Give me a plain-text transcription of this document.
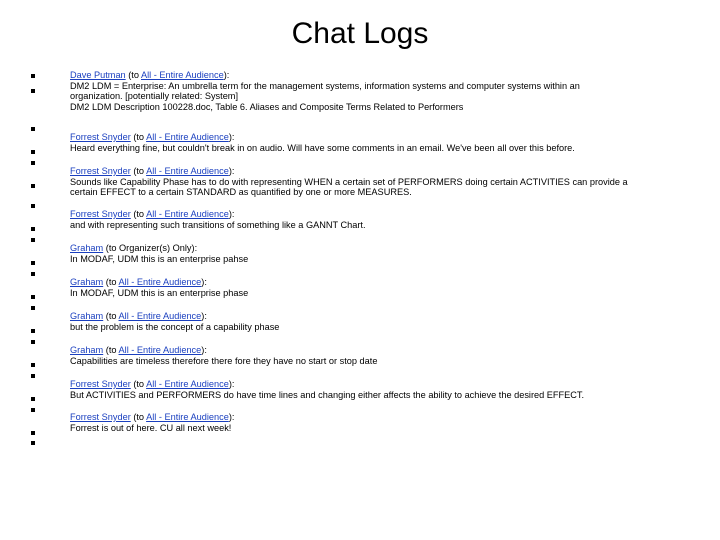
Chat Logs
Dave Putman (to All - Entire Audience):
DM2 LDM = Enterprise: An umbrella term for the management systems, information systems and computer systems within an
organization. [potentially related: System]
DM2 LDM Description 100228.doc, Table 6. Aliases and Composite Terms Related to Performers
Forrest Snyder (to All - Entire Audience):
Heard everything fine, but couldn't break in on audio. Will have some comments in an email. We've been all over this before.
Forrest Snyder (to All - Entire Audience):
Sounds like Capability Phase has to do with representing WHEN a certain set of PERFORMERS doing certain ACTIVITIES can provide a
certain EFFECT to a certain STANDARD as quantified by one or more MEASURES.
Forrest Snyder (to All - Entire Audience):
and with representing such transitions of something like a GANNT Chart.
Graham (to Organizer(s) Only):
In MODAF, UDM this is an enterprise pahse
Graham (to All - Entire Audience):
In MODAF, UDM this is an enterprise phase
Graham (to All - Entire Audience):
but the problem is the concept of a capability phase
Graham (to All - Entire Audience):
Capabilities are timeless therefore there fore they have no start or stop date
Forrest Snyder (to All - Entire Audience):
But ACTIVITIES and PERFORMERS do have time lines and changing either affects the ability to achieve the desired EFFECT.
Forrest Snyder (to All - Entire Audience):
Forrest is out of here. CU all next week!
